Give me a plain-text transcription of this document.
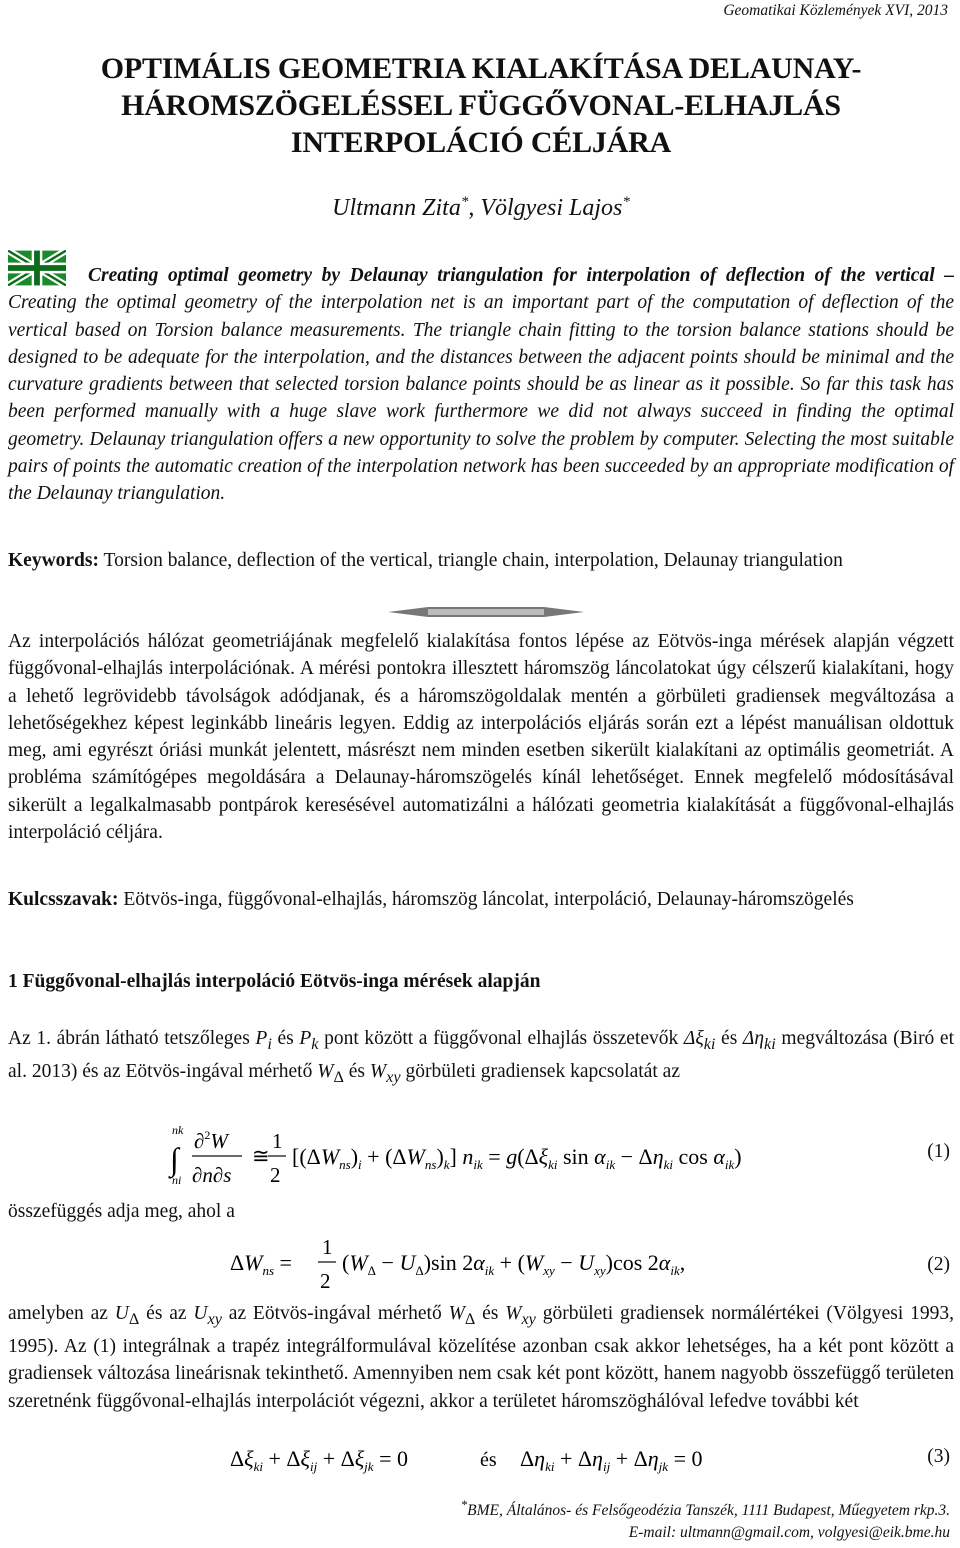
Geomatikai Közlemények XVI, 2013
OPTIMÁLIS GEOMETRIA KIALAKÍTÁSA DELAUNAY-
HÁROMSZÖGELÉSSEL FÜGGŐVONAL-ELHAJLÁS
INTERPOLÁCIÓ CÉLJÁRA
Ultmann Zita*, Völgyesi Lajos*
Creating optimal geometry by Delaunay triangulation for interpolation of deflection of the vertical – Creating the optimal geometry of the interpolation net is an important part of the computation of deflection of the vertical based on Torsion balance measurements. The triangle chain fitting to the torsion balance stations should be designed to be adequate for the interpolation, and the distances between the adjacent points should be minimal and the curvature gradients between that selected torsion balance points should be as linear as it possible. So far this task has been performed manually with a huge slave work furthermore we did not always succeed in finding the optimal geometry. Delaunay triangulation offers a new opportunity to solve the problem by computer. Selecting the most suitable pairs of points the automatic creation of the interpolation network has been succeeded by an appropriate modification of the Delaunay triangulation.
Keywords: Torsion balance, deflection of the vertical, triangle chain, interpolation, Delaunay triangulation
Az interpolációs hálózat geometriájának megfelelő kialakítása fontos lépése az Eötvös-inga mérések alapján végzett függővonal-elhajlás interpolációnak. A mérési pontokra illesztett háromszög láncolatokat úgy célszerű kialakítani, hogy a lehető legrövidebb távolságok adódjanak, és a háromszögoldalak mentén a görbületi gradiensek megváltozása a lehetőségekhez képest leginkább lineáris legyen. Eddig az interpolációs eljárás során ezt a lépést manuálisan oldottuk meg, ami egyrészt óriási munkát jelentett, másrészt nem minden esetben sikerült kialakítani az optimális geometriát. A probléma számítógépes megoldására a Delaunay-háromszögelés kínál lehetőséget. Ennek megfelelő módosításával sikerült a legalkalmasabb pontpárok keresésével automatizálni a hálózati geometria kialakítását a függővonal-elhajlás interpoláció céljára.
Kulcsszavak: Eötvös-inga, függővonal-elhajlás, háromszög láncolat, interpoláció, Delaunay-háromszögelés
1 Függővonal-elhajlás interpoláció Eötvös-inga mérések alapján
Az 1. ábrán látható tetszőleges $P_i$ és $P_k$ pont között a függővonal elhajlás összetevők $\Delta\xi_{ki}$ és $\Delta\eta_{ki}$ megváltozása (Biró et al. 2013) és az Eötvös-ingával mérhető $W_\Delta$ és $W_{xy}$ görbületi gradiensek kapcsolatát az
nk
∫
ni
∂$^2$W
∂n∂s
≅
1
2
$[(\Delta W_{ns})_i + (\Delta W_{ns})_k] n_{ik} = g(\Delta\xi_{ki}$ $\sin \alpha_{ik} - \Delta\eta_{ki}$ $\cos \alpha_{ik}$)	(1)
összefüggés adja meg, ahol a
$\Delta W_{ns}$ =
1
2
$(W_\Delta - U_\Delta)\sin$ $2\alpha_{ik} + (W_{xy} - U_{xy})\cos$ $2\alpha_{ik}$,	(2)
amelyben az $U_\Delta$ és az $U_{xy}$ az Eötvös-ingával mérhető $W_\Delta$ és $W_{xy}$ görbületi gradiensek normálértékei (Völgyesi 1993, 1995). Az (1) integrálnak a trapéz integrálformulával közelítése azonban csak akkor lehetséges, ha a két pont között a gradiensek változása lineárisnak tekinthető. Amennyiben nem csak két pont között, hanem nagyobb összefüggő területen szeretnénk függővonal-elhajlás interpolációt végezni, akkor a területet háromszöghálóval lefedve további két
$\Delta\xi_{ki} + \Delta\xi_{ij} + \Delta\xi_{jk} = 0$	és $\Delta\eta_{ki} + \Delta\eta_{ij} + \Delta\eta_{jk} = 0$	(3)
*BME, Általános- és Felsőgeodézia Tanszék, 1111 Budapest, Műegyetem rkp.3.
E-mail: ultmann@gmail.com, volgyesi@eik.bme.hu
